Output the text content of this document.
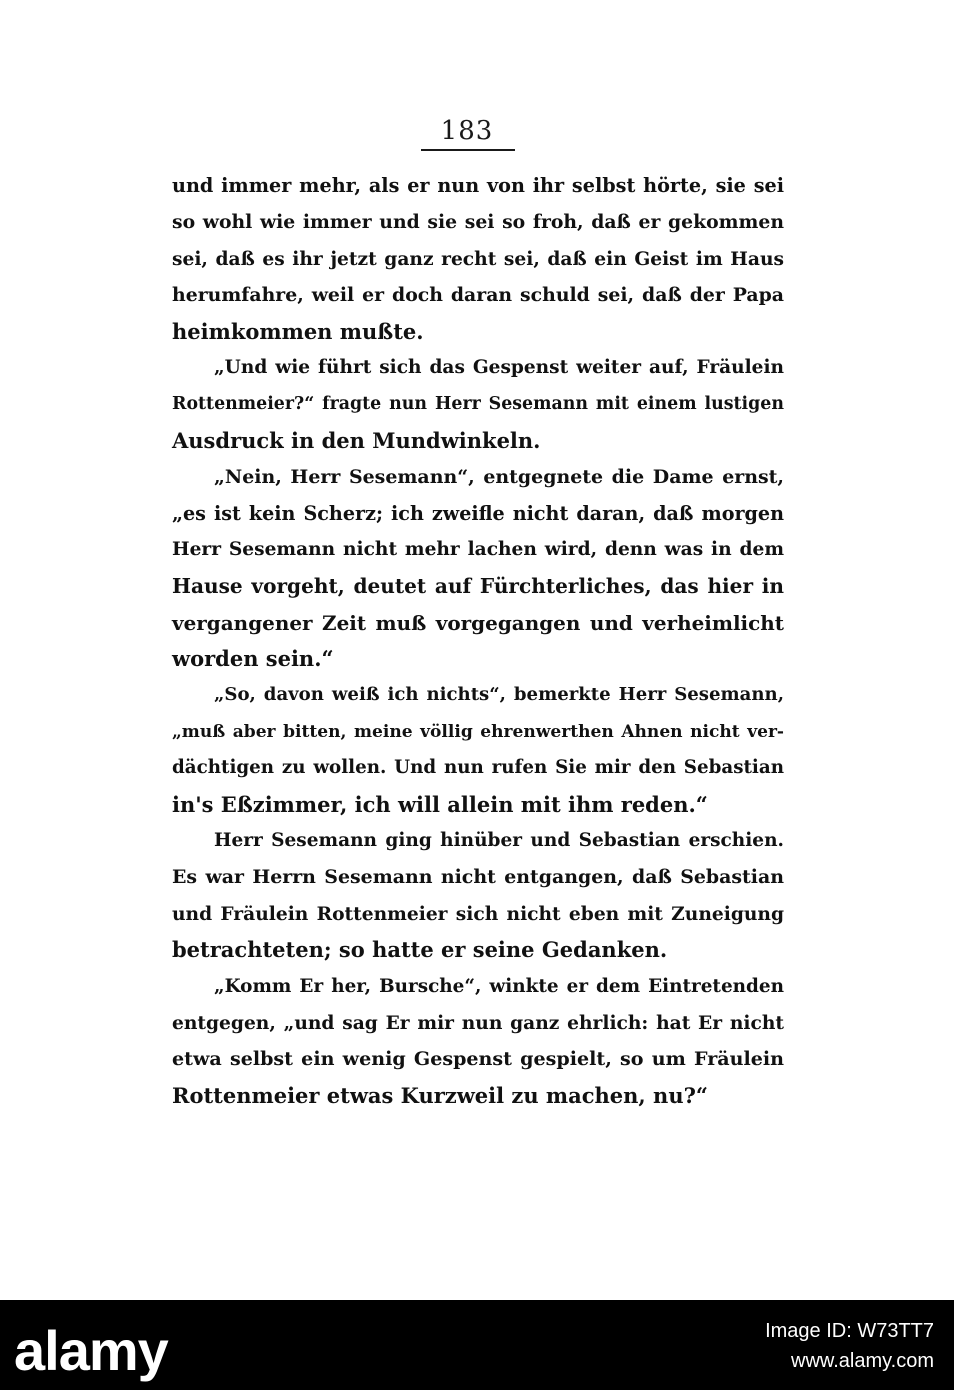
183
und immer mehr, als er nun von ihr selbst hörte, sie sei
so wohl wie immer und sie sei so froh, daß er gekommen
sei, daß es ihr jetzt ganz recht sei, daß ein Geist im Haus
herumfahre, weil er doch daran schuld sei, daß der Papa
heimkommen mußte.
„Und wie führt sich das Gespenst weiter auf, Fräulein
Rottenmeier?“ fragte nun Herr Sesemann mit einem lustigen
Ausdruck in den Mundwinkeln.
„Nein, Herr Sesemann“, entgegnete die Dame ernst,
„es ist kein Scherz; ich zweifle nicht daran, daß morgen
Herr Sesemann nicht mehr lachen wird, denn was in dem
Hause vorgeht, deutet auf Fürchterliches, das hier in
vergangener Zeit muß vorgegangen und verheimlicht
worden sein.“
„So, davon weiß ich nichts“, bemerkte Herr Sesemann,
„muß aber bitten, meine völlig ehrenwerthen Ahnen nicht ver-
dächtigen zu wollen. Und nun rufen Sie mir den Sebastian
in's Eßzimmer, ich will allein mit ihm reden.“
Herr Sesemann ging hinüber und Sebastian erschien.
Es war Herrn Sesemann nicht entgangen, daß Sebastian
und Fräulein Rottenmeier sich nicht eben mit Zuneigung
betrachteten; so hatte er seine Gedanken.
„Komm Er her, Bursche“, winkte er dem Eintretenden
entgegen, „und sag Er mir nun ganz ehrlich: hat Er nicht
etwa selbst ein wenig Gespenst gespielt, so um Fräulein
Rottenmeier etwas Kurzweil zu machen, nu?“
alamy	Image ID: W73TT7
www.alamy.com
